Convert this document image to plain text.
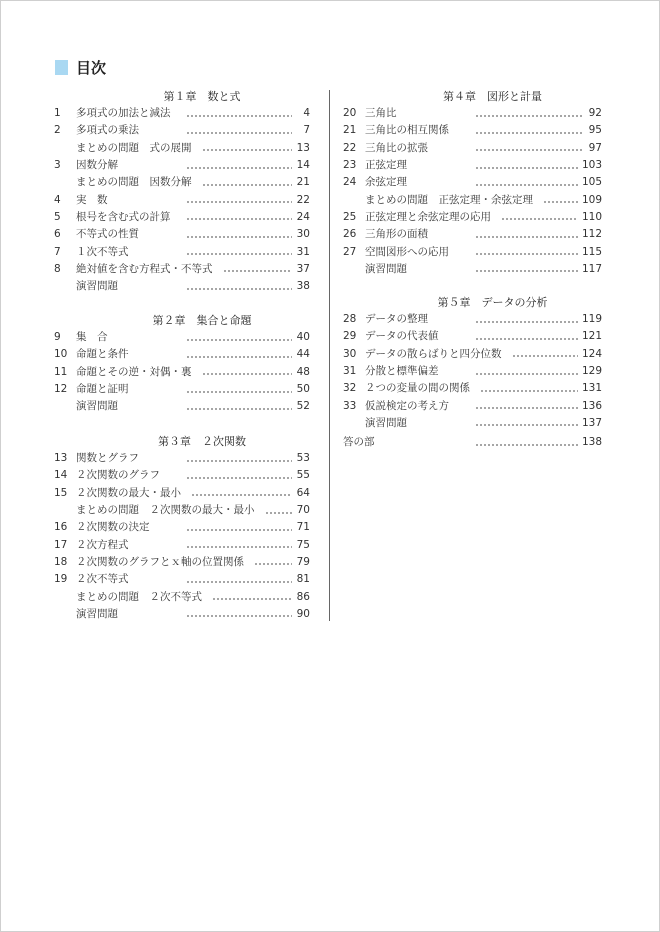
目次
第１章　数と式
1	多項式の加法と減法	4
2	多項式の乗法	7
まとめの問題　式の展開	13
3	因数分解	14
まとめの問題　因数分解	21
4	実　数	22
5	根号を含む式の計算	24
6	不等式の性質	30
7	１次不等式	31
8	絶対値を含む方程式・不等式	37
演習問題	38
第２章　集合と命題
9	集　合	40
10 命題と条件	44
11 命題とその逆・対偶・裏	48
12 命題と証明	50
演習問題	52
第３章　２次関数
13 関数とグラフ	53
14 ２次関数のグラフ	55
15 ２次関数の最大・最小	64
まとめの問題　２次関数の最大・最小	70
16 ２次関数の決定	71
17 ２次方程式	75
18 ２次関数のグラフとｘ軸の位置関係	79
19 ２次不等式	81
まとめの問題　２次不等式	86
演習問題	90
第４章　図形と計量
20 三角比	92
21 三角比の相互関係	95
22 三角比の拡張	97
23 正弦定理	103
24 余弦定理	105
まとめの問題　正弦定理・余弦定理	109
25 正弦定理と余弦定理の応用	110
26 三角形の面積	112
27 空間図形への応用	115
演習問題	117
第５章　データの分析
28 データの整理	119
29 データの代表値	121
30 データの散らばりと四分位数	124
31 分散と標準偏差	129
32 ２つの変量の間の関係	131
33 仮説検定の考え方	136
演習問題	137
答の部	138
